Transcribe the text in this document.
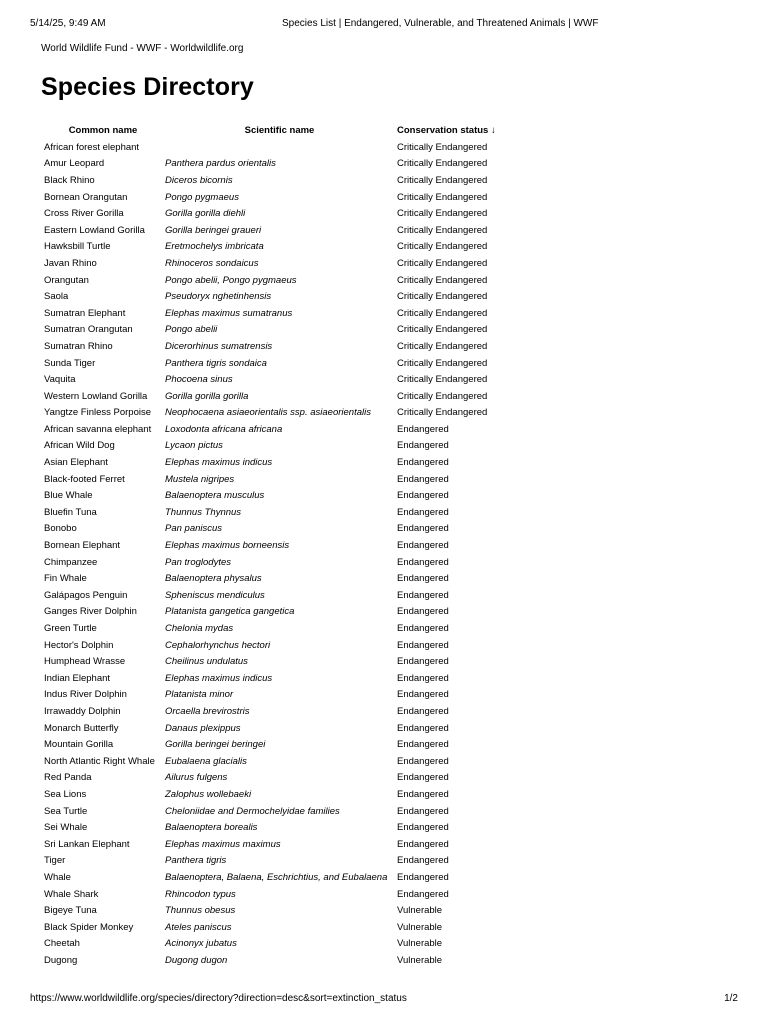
5/14/25, 9:49 AM	Species List | Endangered, Vulnerable, and Threatened Animals | WWF
World Wildlife Fund - WWF - Worldwildlife.org
Species Directory
Common name	Scientific name	Conservation status ↓
African forest elephant		Critically Endangered
Amur Leopard	Panthera pardus orientalis	Critically Endangered
Black Rhino	Diceros bicornis	Critically Endangered
Bornean Orangutan	Pongo pygmaeus	Critically Endangered
Cross River Gorilla	Gorilla gorilla diehli	Critically Endangered
Eastern Lowland Gorilla	Gorilla beringei graueri	Critically Endangered
Hawksbill Turtle	Eretmochelys imbricata	Critically Endangered
Javan Rhino	Rhinoceros sondaicus	Critically Endangered
Orangutan	Pongo abelii, Pongo pygmaeus	Critically Endangered
Saola	Pseudoryx nghetinhensis	Critically Endangered
Sumatran Elephant	Elephas maximus sumatranus	Critically Endangered
Sumatran Orangutan	Pongo abelii	Critically Endangered
Sumatran Rhino	Dicerorhinus sumatrensis	Critically Endangered
Sunda Tiger	Panthera tigris sondaica	Critically Endangered
Vaquita	Phocoena sinus	Critically Endangered
Western Lowland Gorilla	Gorilla gorilla gorilla	Critically Endangered
Yangtze Finless Porpoise	Neophocaena asiaeorientalis ssp. asiaeorientalis	Critically Endangered
African savanna elephant	Loxodonta africana africana	Endangered
African Wild Dog	Lycaon pictus	Endangered
Asian Elephant	Elephas maximus indicus	Endangered
Black-footed Ferret	Mustela nigripes	Endangered
Blue Whale	Balaenoptera musculus	Endangered
Bluefin Tuna	Thunnus Thynnus	Endangered
Bonobo	Pan paniscus	Endangered
Bornean Elephant	Elephas maximus borneensis	Endangered
Chimpanzee	Pan troglodytes	Endangered
Fin Whale	Balaenoptera physalus	Endangered
Galápagos Penguin	Spheniscus mendiculus	Endangered
Ganges River Dolphin	Platanista gangetica gangetica	Endangered
Green Turtle	Chelonia mydas	Endangered
Hector's Dolphin	Cephalorhynchus hectori	Endangered
Humphead Wrasse	Cheilinus undulatus	Endangered
Indian Elephant	Elephas maximus indicus	Endangered
Indus River Dolphin	Platanista minor	Endangered
Irrawaddy Dolphin	Orcaella brevirostris	Endangered
Monarch Butterfly	Danaus plexippus	Endangered
Mountain Gorilla	Gorilla beringei beringei	Endangered
North Atlantic Right Whale	Eubalaena glacialis	Endangered
Red Panda	Ailurus fulgens	Endangered
Sea Lions	Zalophus wollebaeki	Endangered
Sea Turtle	Cheloniidae and Dermochelyidae families	Endangered
Sei Whale	Balaenoptera borealis	Endangered
Sri Lankan Elephant	Elephas maximus maximus	Endangered
Tiger	Panthera tigris	Endangered
Whale	Balaenoptera, Balaena, Eschrichtius, and Eubalaena	Endangered
Whale Shark	Rhincodon typus	Endangered
Bigeye Tuna	Thunnus obesus	Vulnerable
Black Spider Monkey	Ateles paniscus	Vulnerable
Cheetah	Acinonyx jubatus	Vulnerable
Dugong	Dugong dugon	Vulnerable
https://www.worldwildlife.org/species/directory?direction=desc&sort=extinction_status	1/2
